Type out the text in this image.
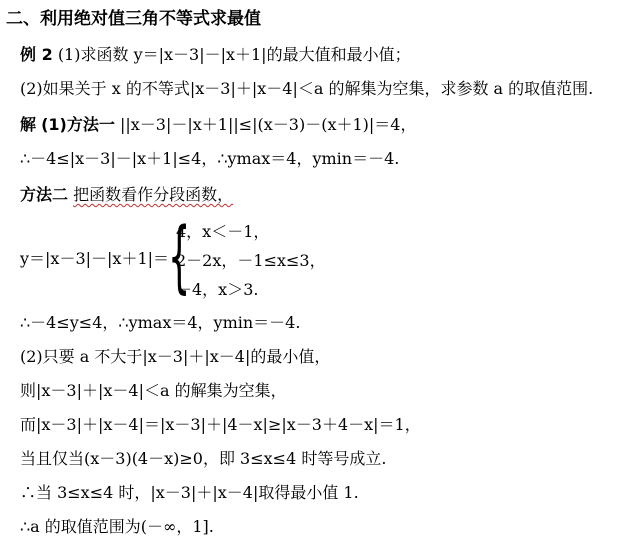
二、利用绝对值三角不等式求最值
例 2 (1)求函数 y＝|x－3|－|x＋1|的最大值和最小值；
(2)如果关于 x 的不等式|x－3|＋|x－4|＜a 的解集为空集，求参数 a 的取值范围.
解 (1)方法一 ||x－3|－|x＋1||≤|(x－3)－(x＋1)|＝4，
∴－4≤|x－3|－|x＋1|≤4，∴ymax＝4，ymin＝－4.
方法二 把函数看作分段函数，
y＝|x－3|－|x＋1|＝
{
4，x＜－1，
2－2x，－1≤x≤3，
－4，x＞3.
∴－4≤y≤4，∴ymax＝4，ymin＝－4.
(2)只要 a 不大于|x－3|＋|x－4|的最小值，
则|x－3|＋|x－4|＜a 的解集为空集，
而|x－3|＋|x－4|＝|x－3|＋|4－x|≥|x－3＋4－x|＝1，
当且仅当(x－3)(4－x)≥0，即 3≤x≤4 时等号成立.
∴当 3≤x≤4 时，|x－3|＋|x－4|取得最小值 1.
∴a 的取值范围为(－∞，1].
